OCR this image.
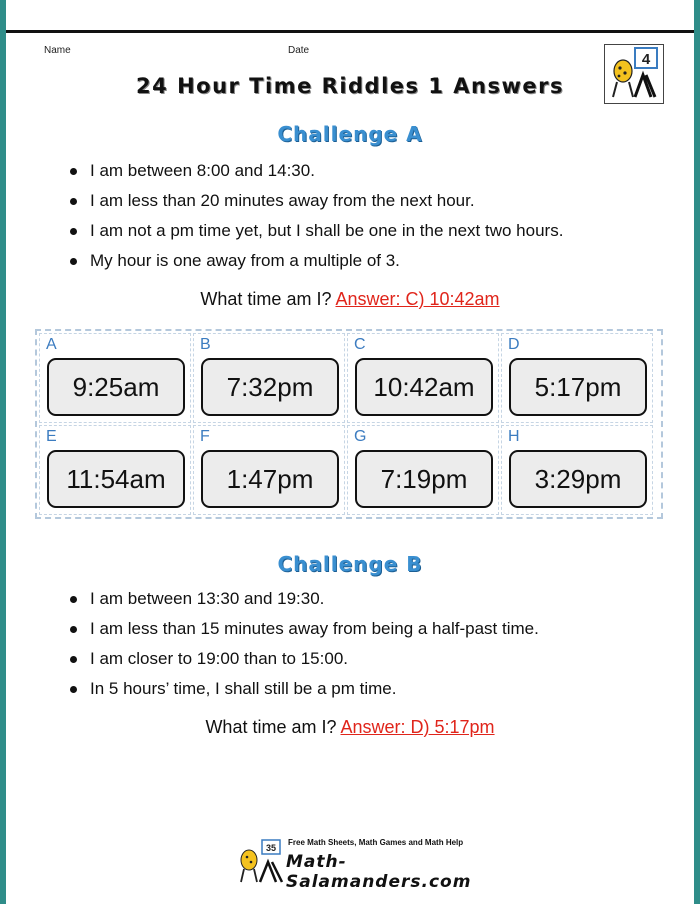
Name	Date
4
24 Hour Time Riddles 1 Answers
Challenge A
I am between 8:00 and 14:30.
I am less than 20 minutes away from the next hour.
I am not a pm time yet, but I shall be one in the next two hours.
My hour is one away from a multiple of 3.
What time am I? Answer: C) 10:42am
A
9:25am
B
7:32pm
C
10:42am
D
5:17pm
E
11:54am
F
1:47pm
G
7:19pm
H
3:29pm
Challenge B
I am between 13:30 and 19:30.
I am less than 15 minutes away from being a half-past time.
I am closer to 19:00 than to 15:00.
In 5 hours’ time, I shall still be a pm time.
What time am I? Answer: D) 5:17pm
35
Free Math Sheets, Math Games and Math Help
Math-Salamanders.com
